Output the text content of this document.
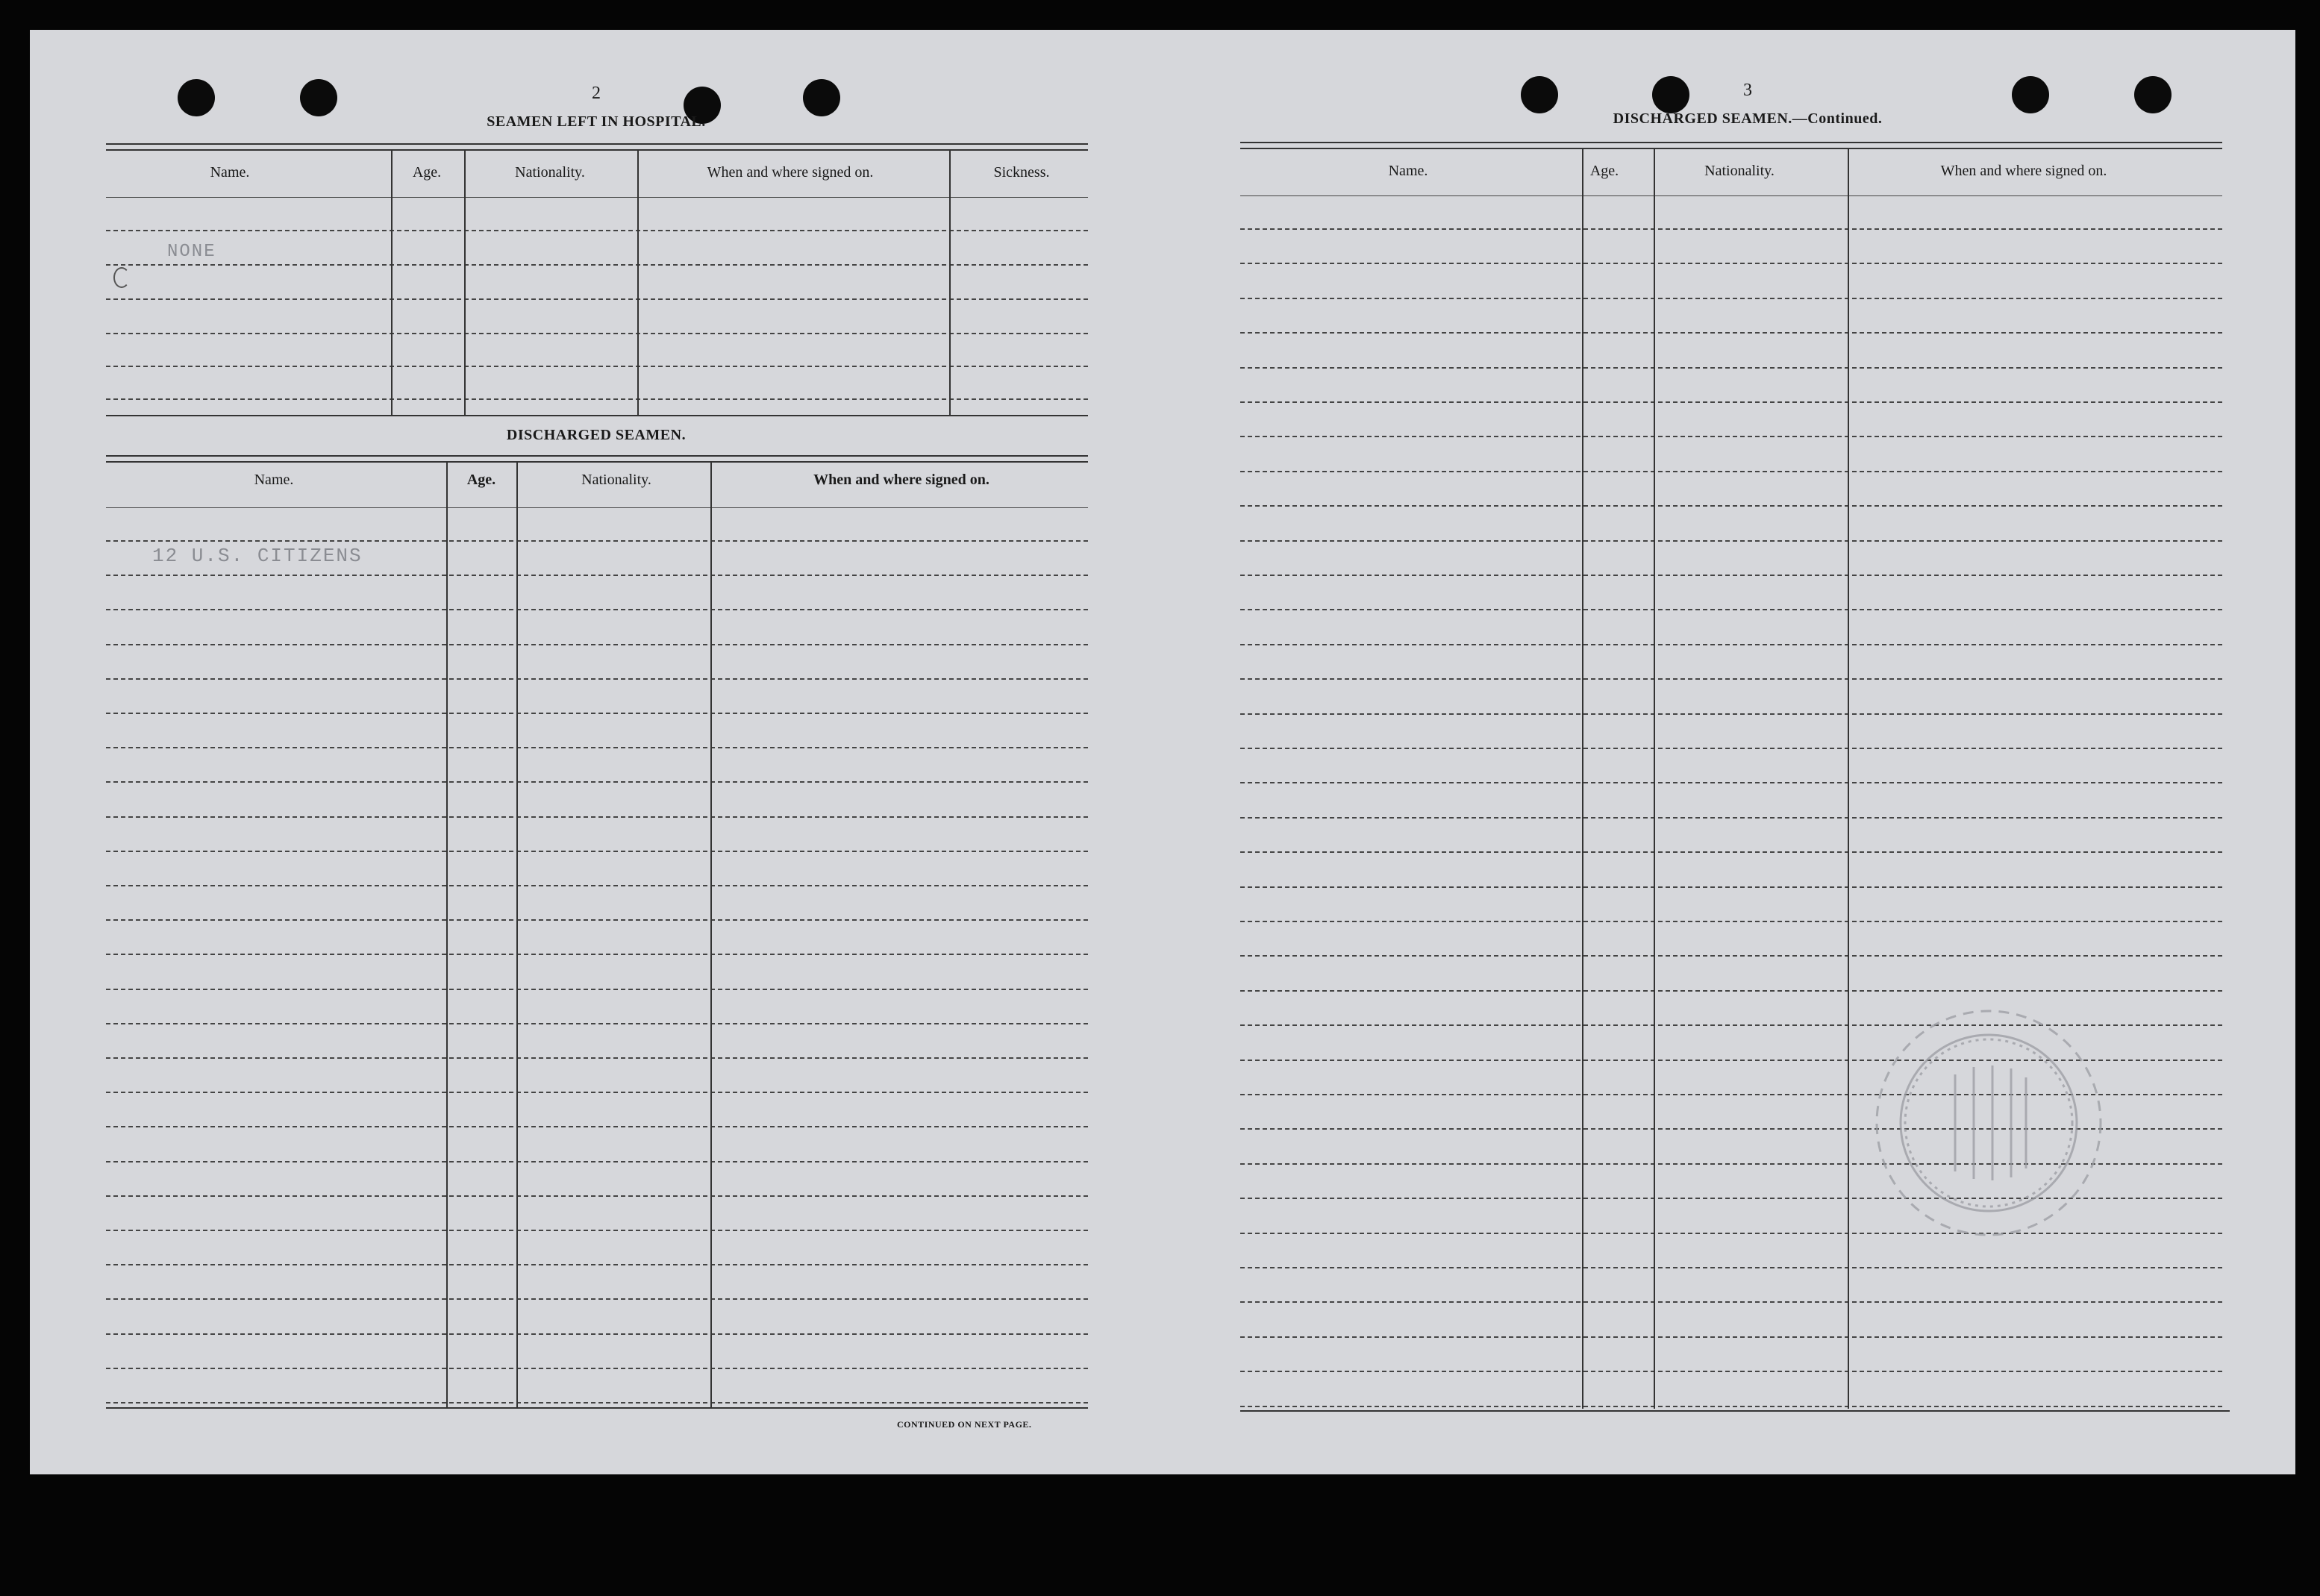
2
SEAMEN LEFT IN HOSPITAL.
Name.	Age.	Nationality.	When and where signed on.	Sickness.
NONE
DISCHARGED SEAMEN.
Name.	Age.	Nationality.	When and where signed on.
12 U.S. CITIZENS
CONTINUED ON NEXT PAGE.
3
DISCHARGED SEAMEN.—Continued.
Name.	Age.	Nationality.	When and where signed on.
